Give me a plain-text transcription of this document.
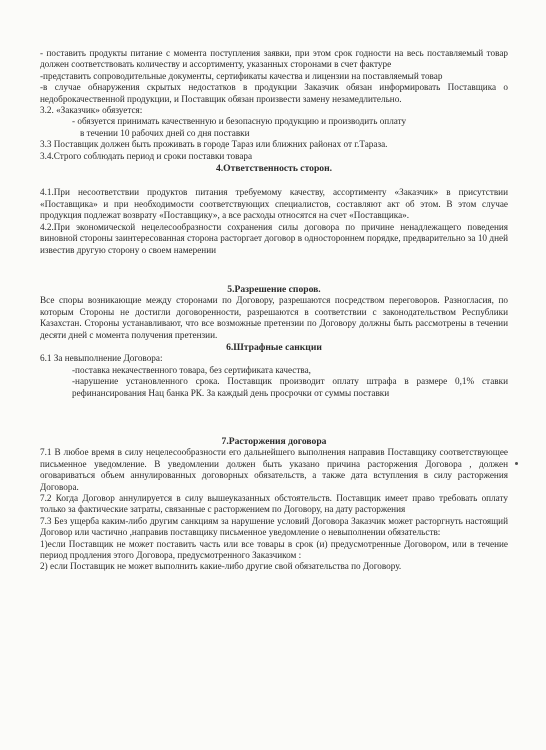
- поставить продукты питание с момента поступления заявки, при этом срок годности на весь поставляемый товар должен соответствовать количеству и ассортименту, указанных сторонами в счет фактуре

-представить сопроводительные документы, сертификаты качества и лицензии на поставляемый товар

-в случае обнаружения скрытых недостатков в продукции Заказчик обязан информировать Поставщика о недоброкачественной продукции, и Поставщик обязан произвести замену незамедлительно.

3.2. «Заказчик» обязуется:

- обязуется принимать качественную и безопасную продукцию и производить оплату

в течении 10 рабочих дней со дня поставки

3.3 Поставщик должен быть проживать в городе Тараз или ближних районах от г.Тараза.

3.4.Строго соблюдать период и сроки поставки товара

4.Ответственность сторон.

4.1.При несоответствии продуктов питания требуемому качеству, ассортименту «Заказчик» в присутствии «Поставщика» и при необходимости соответствующих специалистов, составляют акт об этом. В этом случае продукция подлежат возврату «Поставщику», а все расходы относятся на счет «Поставщика».

4.2.При экономической нецелесообразности сохранения силы договора по причине ненадлежащего поведения виновной стороны заинтересованная сторона расторгает договор в одностороннем порядке, предварительно за 10 дней известив другую сторону о своем намерении

5.Разрешение споров.

Все споры возникающие между сторонами по Договору, разрешаются посредством переговоров. Разногласия, по которым Стороны не достигли договоренности, разрешаются в соответствии с законодательством Республики Казахстан. Стороны устанавливают, что все возможные претензии по Договору должны быть рассмотрены в течении десяти дней с момента получения претензии.

6.Штрафные санкции

6.1 За невыполнение Договора:

-поставка некачественного товара, без сертификата качества,

-нарушение установленного срока. Поставщик производит оплату штрафа в размере 0,1% ставки рефинансирования Нац банка РК. За каждый день просрочки от суммы поставки

7.Расторжения договора

7.1 В любое время в силу нецелесообразности его дальнейшего выполнения направив Поставщику соответствующее письменное уведомление. В уведомлении должен быть указано причина расторжения Договора , должен оговариваться объем аннулированных договорных обязательств, а также дата вступления в силу расторжения Договора.

7.2 Когда Договор аннулируется в силу вышеуказанных обстоятельств. Поставщик имеет право требовать оплату только за фактические затраты, связанные с расторжением по Договору, на дату расторжения

7.3 Без ущерба каким-либо другим санкциям за нарушение условий Договора Заказчик может расторгнуть настоящий Договор или частично ,направив поставщику письменное уведомление о невыполнении обязательств:

1)если Поставщик не может поставить часть или все товары в срок (и) предусмотренные Договором, или в течение период продления этого Договора, предусмотренного Заказчиком :

2) если Поставщик не может выполнить какие-либо другие свой обязательства по Договору.
